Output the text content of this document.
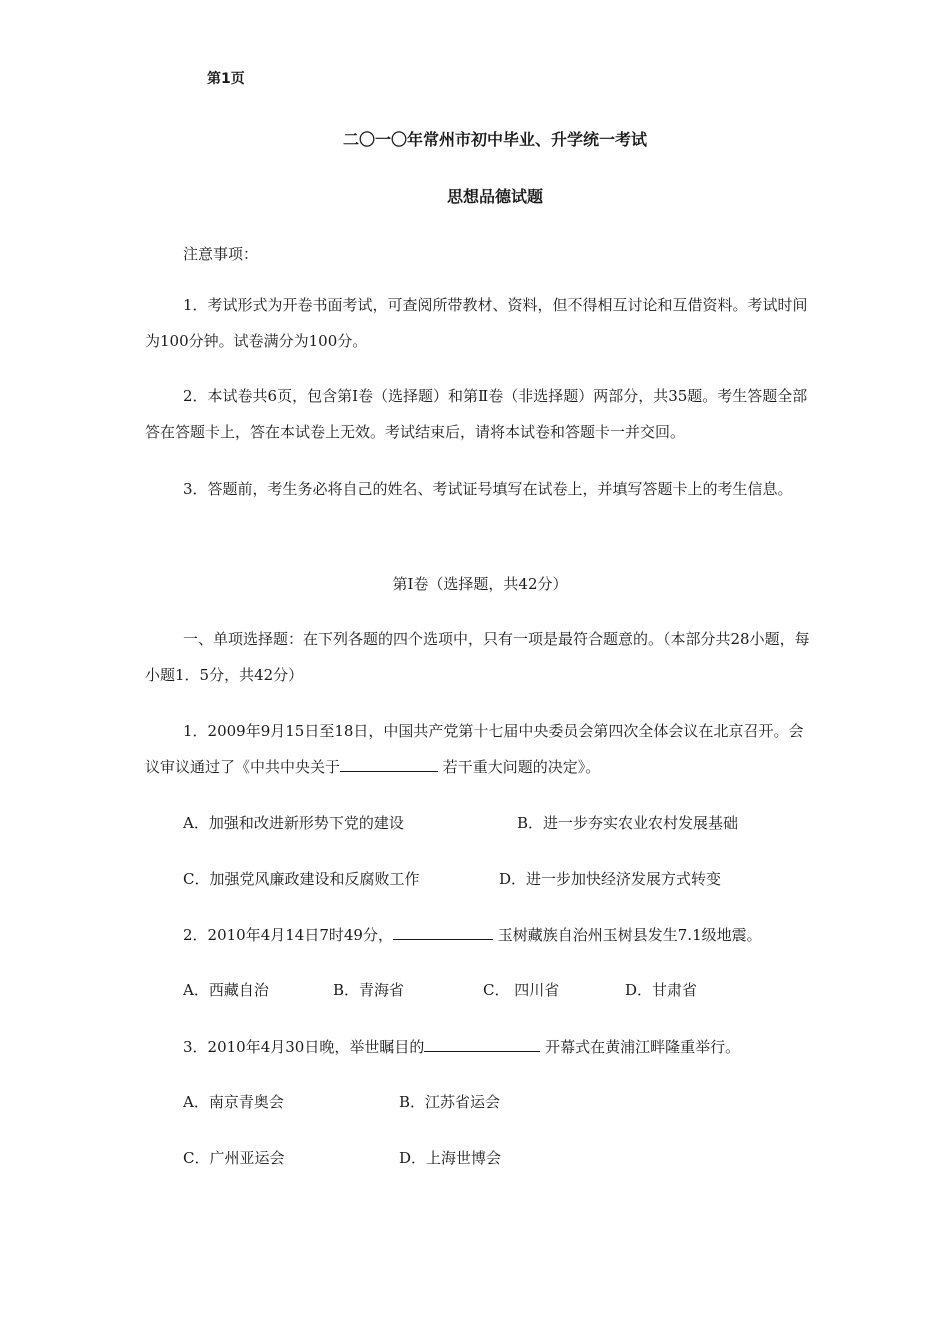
第1页
二〇一〇年常州市初中毕业、升学统一考试
思想品德试题
注意事项：
1．考试形式为开卷书面考试，可查阅所带教材、资料，但不得相互讨论和互借资料。考试时间为100分钟。试卷满分为100分。
2．本试卷共6页，包含第Ⅰ卷（选择题）和第Ⅱ卷（非选择题）两部分，共35题。考生答题全部答在答题卡上，答在本试卷上无效。考试结束后，请将本试卷和答题卡一并交回。
3．答题前，考生务必将自己的姓名、考试证号填写在试卷上，并填写答题卡上的考生信息。
第Ⅰ卷（选择题，共42分）
一、单项选择题：在下列各题的四个选项中，只有一项是最符合题意的。（本部分共28小题，每小题1．5分，共42分）
1．2009年9月15日至18日，中国共产党第十七届中央委员会第四次全体会议在北京召开。会议审议通过了《中共中央关于	若干重大问题的决定》。
A．加强和改进新形势下党的建设	B．进一步夯实农业农村发展基础
C．加强党风廉政建设和反腐败工作	D．进一步加快经济发展方式转变
2．2010年4月14日7时49分，	玉树藏族自治州玉树县发生7.1级地震。
A．西藏自治	B．青海省	C． 四川省	D．甘肃省
3．2010年4月30日晚，举世瞩目的	开幕式在黄浦江畔隆重举行。
A．南京青奥会	B．江苏省运会
C．广州亚运会	D．上海世博会
